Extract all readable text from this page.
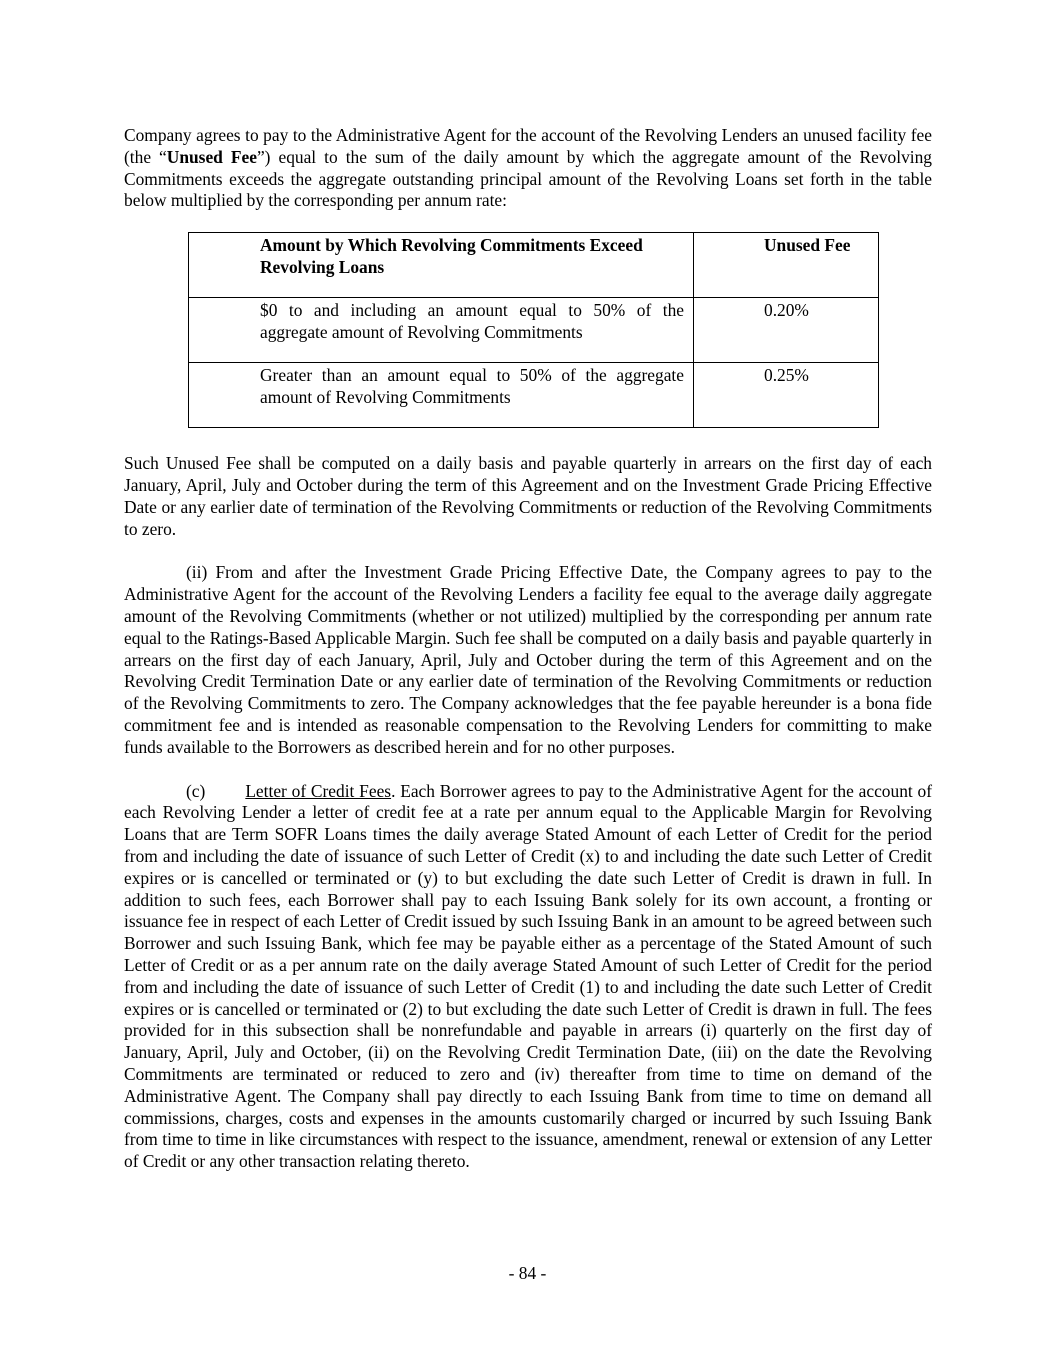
Company agrees to pay to the Administrative Agent for the account of the Revolving Lenders an unused facility fee (the “Unused Fee”) equal to the sum of the daily amount by which the aggregate amount of the Revolving Commitments exceeds the aggregate outstanding principal amount of the Revolving Loans set forth in the table below multiplied by the corresponding per annum rate:

Amount by Which Revolving Commitments Exceed Revolving Loans	Unused Fee

$0 to and including an amount equal to 50% of the aggregate amount of Revolving Commitments	0.20%

Greater than an amount equal to 50% of the aggregate amount of Revolving Commitments	0.25%

Such Unused Fee shall be computed on a daily basis and payable quarterly in arrears on the first day of each January, April, July and October during the term of this Agreement and on the Investment Grade Pricing Effective Date or any earlier date of termination of the Revolving Commitments or reduction of the Revolving Commitments to zero.

(ii) From and after the Investment Grade Pricing Effective Date, the Company agrees to pay to the Administrative Agent for the account of the Revolving Lenders a facility fee equal to the average daily aggregate amount of the Revolving Commitments (whether or not utilized) multiplied by the corresponding per annum rate equal to the Ratings-Based Applicable Margin. Such fee shall be computed on a daily basis and payable quarterly in arrears on the first day of each January, April, July and October during the term of this Agreement and on the Revolving Credit Termination Date or any earlier date of termination of the Revolving Commitments or reduction of the Revolving Commitments to zero. The Company acknowledges that the fee payable hereunder is a bona fide commitment fee and is intended as reasonable compensation to the Revolving Lenders for committing to make funds available to the Borrowers as described herein and for no other purposes.

(c) Letter of Credit Fees. Each Borrower agrees to pay to the Administrative Agent for the account of each Revolving Lender a letter of credit fee at a rate per annum equal to the Applicable Margin for Revolving Loans that are Term SOFR Loans times the daily average Stated Amount of each Letter of Credit for the period from and including the date of issuance of such Letter of Credit (x) to and including the date such Letter of Credit expires or is cancelled or terminated or (y) to but excluding the date such Letter of Credit is drawn in full. In addition to such fees, each Borrower shall pay to each Issuing Bank solely for its own account, a fronting or issuance fee in respect of each Letter of Credit issued by such Issuing Bank in an amount to be agreed between such Borrower and such Issuing Bank, which fee may be payable either as a percentage of the Stated Amount of such Letter of Credit or as a per annum rate on the daily average Stated Amount of such Letter of Credit for the period from and including the date of issuance of such Letter of Credit (1) to and including the date such Letter of Credit expires or is cancelled or terminated or (2) to but excluding the date such Letter of Credit is drawn in full. The fees provided for in this subsection shall be nonrefundable and payable in arrears (i) quarterly on the first day of January, April, July and October, (ii) on the Revolving Credit Termination Date, (iii) on the date the Revolving Commitments are terminated or reduced to zero and (iv) thereafter from time to time on demand of the Administrative Agent. The Company shall pay directly to each Issuing Bank from time to time on demand all commissions, charges, costs and expenses in the amounts customarily charged or incurred by such Issuing Bank from time to time in like circumstances with respect to the issuance, amendment, renewal or extension of any Letter of Credit or any other transaction relating thereto.

- 84 -
